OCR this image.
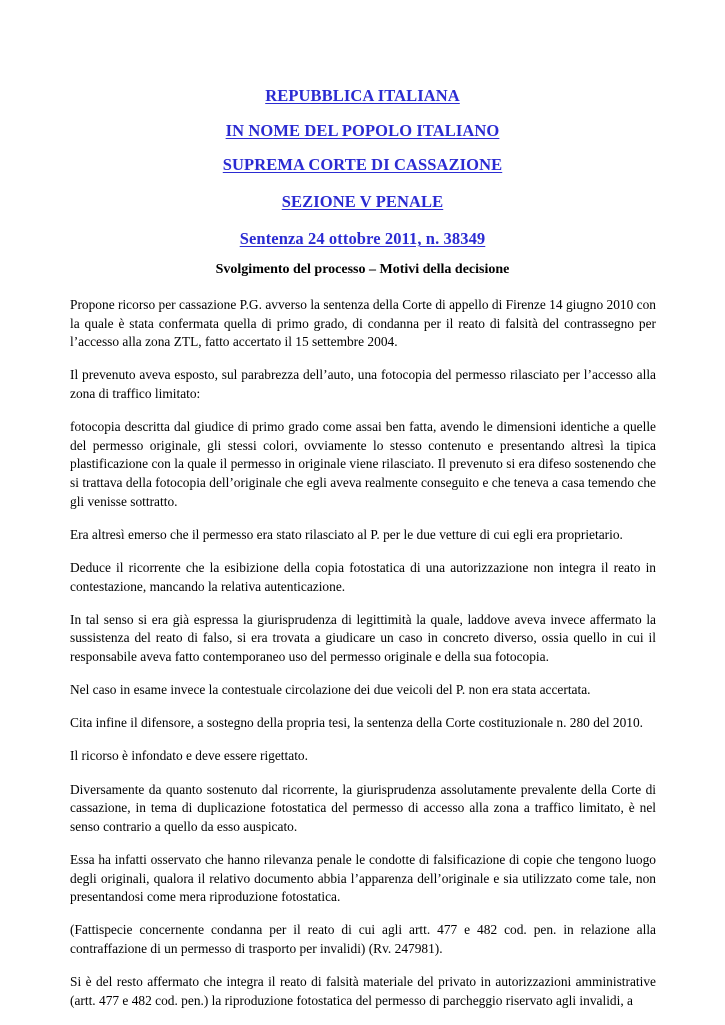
REPUBBLICA ITALIANA
IN NOME DEL POPOLO ITALIANO
SUPREMA CORTE DI CASSAZIONE
SEZIONE V PENALE
Sentenza 24 ottobre 2011, n. 38349
Svolgimento del processo – Motivi della decisione

Propone ricorso per cassazione P.G. avverso la sentenza della Corte di appello di Firenze 14 giugno 2010 con la quale è stata confermata quella di primo grado, di condanna per il reato di falsità del contrassegno per l’accesso alla zona ZTL, fatto accertato il 15 settembre 2004.

Il prevenuto aveva esposto, sul parabrezza dell’auto, una fotocopia del permesso rilasciato per l’accesso alla zona di traffico limitato:

fotocopia descritta dal giudice di primo grado come assai ben fatta, avendo le dimensioni identiche a quelle del permesso originale, gli stessi colori, ovviamente lo stesso contenuto e presentando altresì la tipica plastificazione con la quale il permesso in originale viene rilasciato. Il prevenuto si era difeso sostenendo che si trattava della fotocopia dell’originale che egli aveva realmente conseguito e che teneva a casa temendo che gli venisse sottratto.

Era altresì emerso che il permesso era stato rilasciato al P. per le due vetture di cui egli era proprietario.

Deduce il ricorrente che la esibizione della copia fotostatica di una autorizzazione non integra il reato in contestazione, mancando la relativa autenticazione.

In tal senso si era già espressa la giurisprudenza di legittimità la quale, laddove aveva invece affermato la sussistenza del reato di falso, si era trovata a giudicare un caso in concreto diverso, ossia quello in cui il responsabile aveva fatto contemporaneo uso del permesso originale e della sua fotocopia.

Nel caso in esame invece la contestuale circolazione dei due veicoli del P. non era stata accertata.

Cita infine il difensore, a sostegno della propria tesi, la sentenza della Corte costituzionale n. 280 del 2010.

Il ricorso è infondato e deve essere rigettato.

Diversamente da quanto sostenuto dal ricorrente, la giurisprudenza assolutamente prevalente della Corte di cassazione, in tema di duplicazione fotostatica del permesso di accesso alla zona a traffico limitato, è nel senso contrario a quello da esso auspicato.

Essa ha infatti osservato che hanno rilevanza penale le condotte di falsificazione di copie che tengono luogo degli originali, qualora il relativo documento abbia l’apparenza dell’originale e sia utilizzato come tale, non presentandosi come mera riproduzione fotostatica.

(Fattispecie concernente condanna per il reato di cui agli artt. 477 e 482 cod. pen. in relazione alla contraffazione di un permesso di trasporto per invalidi) (Rv. 247981).

Si è del resto affermato che integra il reato di falsità materiale del privato in autorizzazioni amministrative (artt. 477 e 482 cod. pen.) la riproduzione fotostatica del permesso di parcheggio riservato agli invalidi, a
